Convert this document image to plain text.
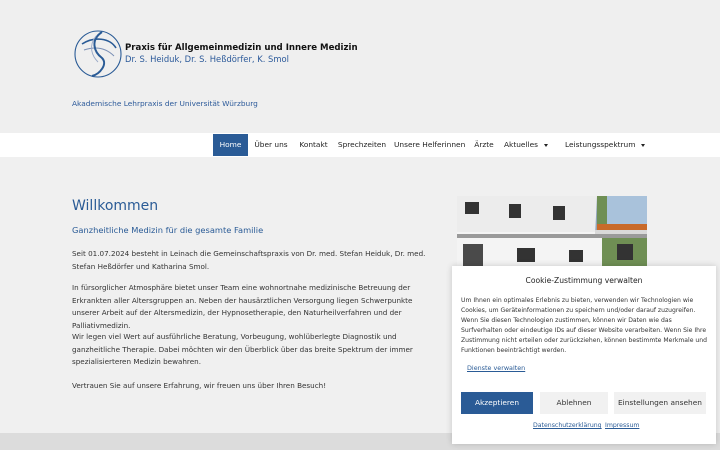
Praxis für Allgemeinmedizin und Innere Medizin
Dr. S. Heiduk, Dr. S. Heßdörfer, K. Smol
Akademische Lehrpraxis der Universität Würzburg
Home	Über uns	Kontakt	Sprechzeiten Unsere Helferinnen	Ärzte	Aktuelles	Leistungsspektrum
Willkommen
Ganzheitliche Medizin für die gesamte Familie
Seit 01.07.2024 besteht in Leinach die Gemeinschaftspraxis von Dr. med. Stefan Heiduk, Dr. med. Stefan Heßdörfer und Katharina Smol.
In fürsorglicher Atmosphäre bietet unser Team eine wohnortnahe medizinische Betreuung der Erkrankten aller Altersgruppen an. Neben der hausärztlichen Versorgung liegen Schwerpunkte unserer Arbeit auf der Altersmedizin, der Hypnosetherapie, den Naturheilverfahren und der Palliativmedizin.
Wir legen viel Wert auf ausführliche Beratung, Vorbeugung, wohlüberlegte Diagnostik und ganzheitliche Therapie. Dabei möchten wir den Überblick über das breite Spektrum der immer spezialisierteren Medizin bewahren.
Vertrauen Sie auf unsere Erfahrung, wir freuen uns über Ihren Besuch!
Cookie-Zustimmung verwalten
Um Ihnen ein optimales Erlebnis zu bieten, verwenden wir Technologien wie Cookies, um Geräteinformationen zu speichern und/oder darauf zuzugreifen. Wenn Sie diesen Technologien zustimmen, können wir Daten wie das Surfverhalten oder eindeutige IDs auf dieser Website verarbeiten. Wenn Sie Ihre Zustimmung nicht erteilen oder zurückziehen, können bestimmte Merkmale und Funktionen beeinträchtigt werden.
Dienste verwalten
Akzeptieren	Ablehnen	Einstellungen ansehen
Datenschutzerklärung Impressum
